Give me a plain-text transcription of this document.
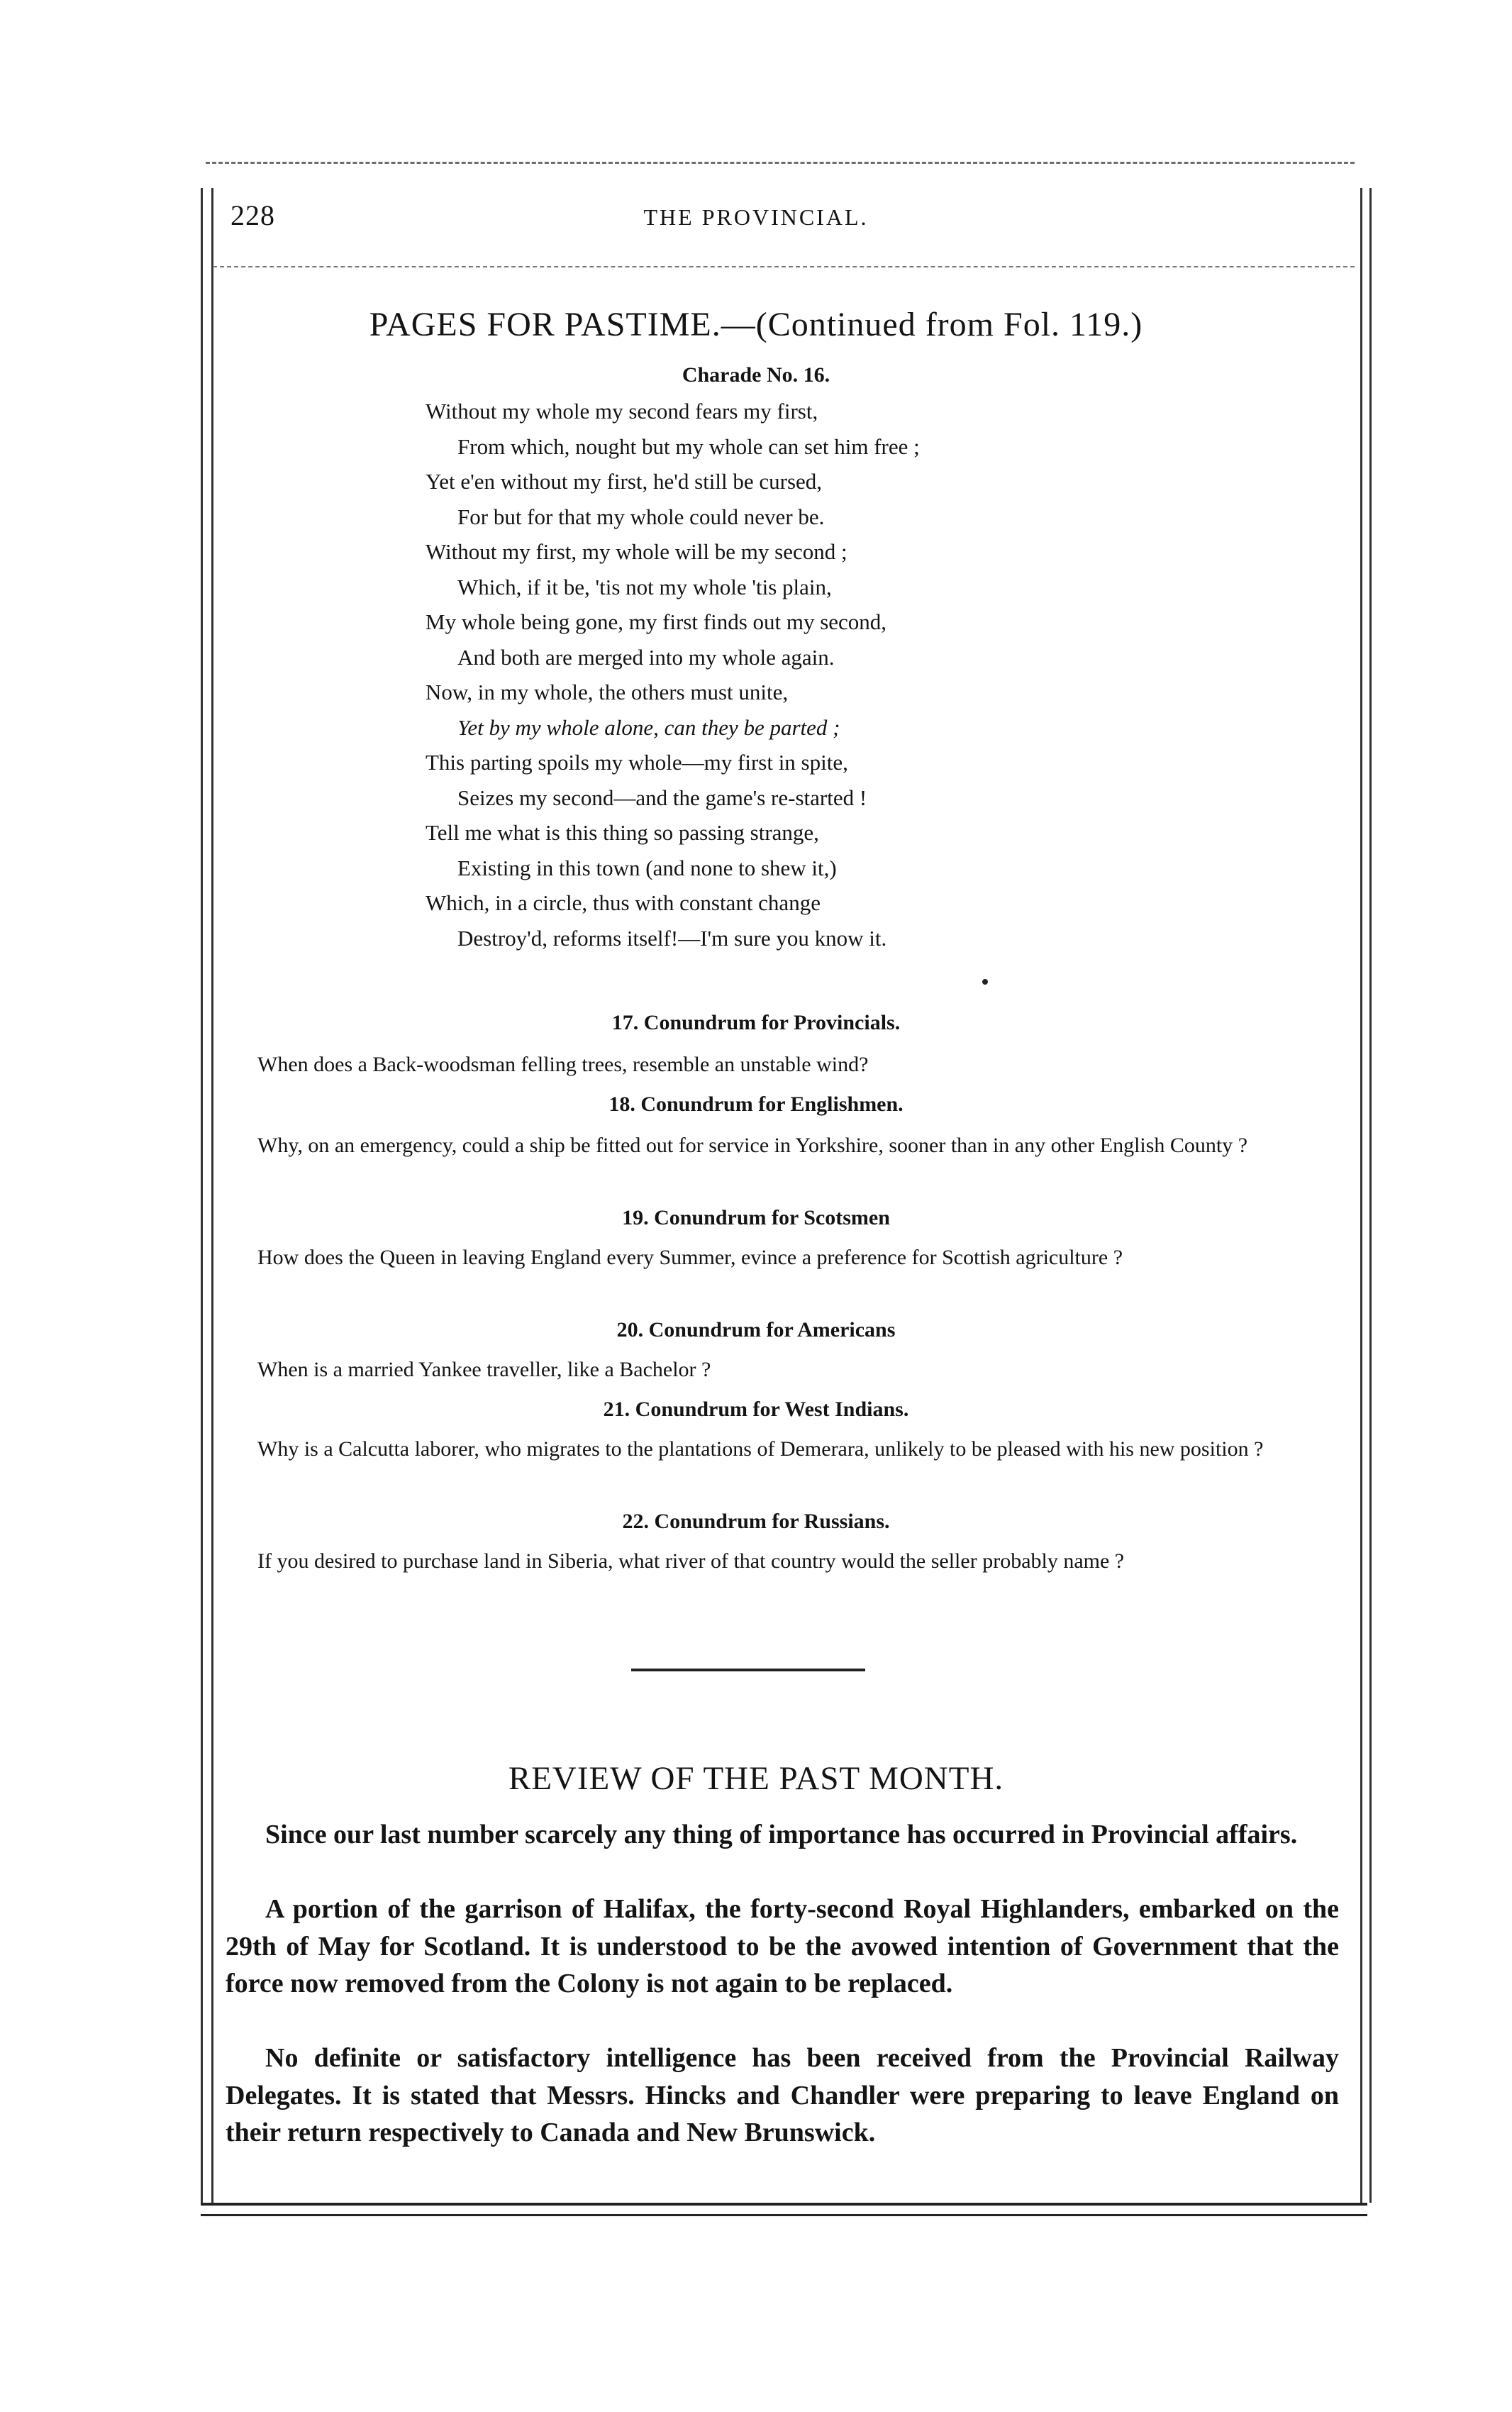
228	THE PROVINCIAL.
PAGES FOR PASTIME.—(Continued from Fol. 119.)
Charade No. 16.
Without my whole my second fears my first,
From which, nought but my whole can set him free ;
Yet e'en without my first, he'd still be cursed,
For but for that my whole could never be.
Without my first, my whole will be my second ;
Which, if it be, 'tis not my whole 'tis plain,
My whole being gone, my first finds out my second,
And both are merged into my whole again.
Now, in my whole, the others must unite,
Yet by my whole alone, can they be parted ;
This parting spoils my whole—my first in spite,
Seizes my second—and the game's re-started !
Tell me what is this thing so passing strange,
Existing in this town (and none to shew it,)
Which, in a circle, thus with constant change
Destroy'd, reforms itself!—I'm sure you know it.
17. Conundrum for Provincials.
When does a Back-woodsman felling trees, resemble an unstable wind?
18. Conundrum for Englishmen.
Why, on an emergency, could a ship be fitted out for service in Yorkshire, sooner than in any other English County ?
19. Conundrum for Scotsmen
How does the Queen in leaving England every Summer, evince a preference for Scottish agriculture ?
20. Conundrum for Americans
When is a married Yankee traveller, like a Bachelor ?
21. Conundrum for West Indians.
Why is a Calcutta laborer, who migrates to the plantations of Demerara, unlikely to be pleased with his new position ?
22. Conundrum for Russians.
If you desired to purchase land in Siberia, what river of that country would the seller probably name ?
REVIEW OF THE PAST MONTH.
Since our last number scarcely any thing of importance has occurred in Provincial affairs.
A portion of the garrison of Halifax, the forty-second Royal Highlanders, embarked on the 29th of May for Scotland. It is understood to be the avowed intention of Government that the force now removed from the Colony is not again to be replaced.
No definite or satisfactory intelligence has been received from the Provincial Railway Delegates. It is stated that Messrs. Hincks and Chandler were preparing to leave England on their return respectively to Canada and New Brunswick.
